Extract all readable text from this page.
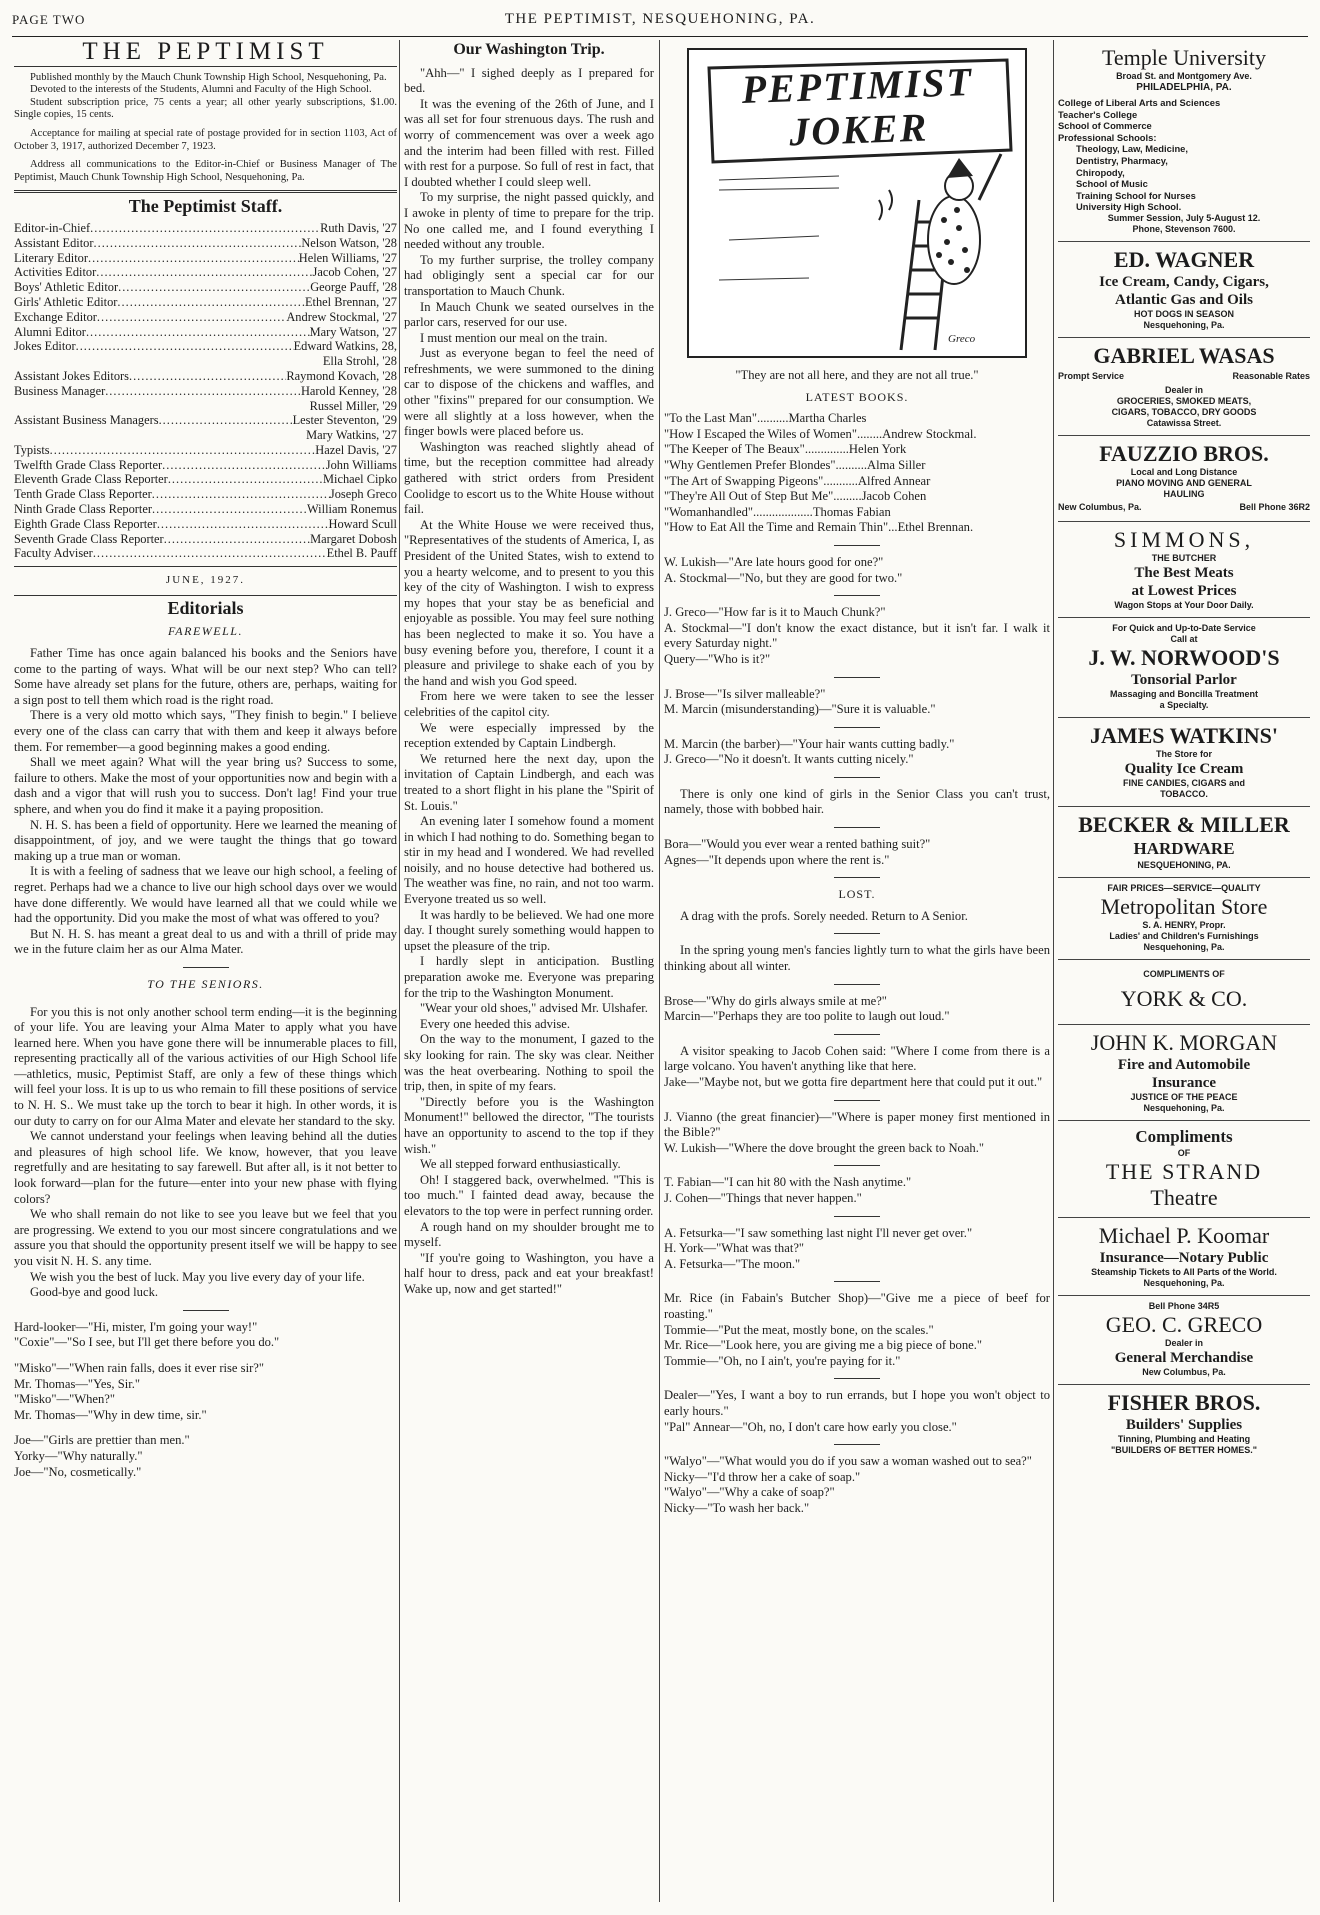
PAGE TWO	THE PEPTIMIST, NESQUEHONING, PA.
THE PEPTIMIST

Published monthly by the Mauch Chunk Township High School, Nesquehoning, Pa.

Devoted to the interests of the Students, Alumni and Faculty of the High School.

Student subscription price, 75 cents a year; all other yearly subscriptions, $1.00. Single copies, 15 cents.

Acceptance for mailing at special rate of postage provided for in section 1103, Act of October 3, 1917, authorized December 7, 1923.

Address all communications to the Editor-in-Chief or Business Manager of The Peptimist, Mauch Chunk Township High School, Nesquehoning, Pa.

The Peptimist Staff.
Editor-in-Chief .....	Ruth Davis, '27
Assistant Editor .....	Nelson Watson, '28
Literary Editor .....	Helen Williams, '27
Activities Editor .....	Jacob Cohen, '27
Boys' Athletic Editor .....	George Pauff, '28
Girls' Athletic Editor .....	Ethel Brennan, '27
Exchange Editor .....	Andrew Stockmal, '27
Alumni Editor .....	Mary Watson, '27
Jokes Editor .....	Edward Watkins, 28,
Ella Strohl, '28
Assistant Jokes Editors .....	Raymond Kovach, '28
Business Manager .....	Harold Kenney, '28
Russel Miller, '29
Assistant Business Managers .....	Lester Steventon, '29
Mary Watkins, '27
Typists .....	Hazel Davis, '27
Twelfth Grade Class Reporter .....	John Williams
Eleventh Grade Class Reporter .....	Michael Cipko
Tenth Grade Class Reporter .....	Joseph Greco
Ninth Grade Class Reporter .....	William Ronemus
Eighth Grade Class Reporter .....	Howard Scull
Seventh Grade Class Reporter .....	Margaret Dobosh
Faculty Adviser .....	Ethel B. Pauff
JUNE, 1927.
Editorials
FAREWELL.

Father Time has once again balanced his books and the Seniors have come to the parting of ways. What will be our next step? Who can tell? Some have already set plans for the future, others are, perhaps, waiting for a sign post to tell them which road is the right road.

There is a very old motto which says, "They finish to begin." I believe every one of the class can carry that with them and keep it always before them. For remember—a good beginning makes a good ending.

Shall we meet again? What will the year bring us? Success to some, failure to others. Make the most of your opportunities now and begin with a dash and a vigor that will rush you to success. Don't lag! Find your true sphere, and when you do find it make it a paying proposition.

N. H. S. has been a field of opportunity. Here we learned the meaning of disappointment, of joy, and we were taught the things that go toward making up a true man or woman.

It is with a feeling of sadness that we leave our high school, a feeling of regret. Perhaps had we a chance to live our high school days over we would have done differently. We would have learned all that we could while we had the opportunity. Did you make the most of what was offered to you?

But N. H. S. has meant a great deal to us and with a thrill of pride may we in the future claim her as our Alma Mater.

TO THE SENIORS.

For you this is not only another school term ending—it is the beginning of your life. You are leaving your Alma Mater to apply what you have learned here. When you have gone there will be innumerable places to fill, representing practically all of the various activities of our High School life—athletics, music, Peptimist Staff, are only a few of these things which will feel your loss. It is up to us who remain to fill these positions of service to N. H. S.. We must take up the torch to bear it high. In other words, it is our duty to carry on for our Alma Mater and elevate her standard to the sky.

We cannot understand your feelings when leaving behind all the duties and pleasures of high school life. We know, however, that you leave regretfully and are hesitating to say farewell. But after all, is it not better to look forward—plan for the future—enter into your new phase with flying colors?

We who shall remain do not like to see you leave but we feel that you are progressing. We extend to you our most sincere congratulations and we assure you that should the opportunity present itself we will be happy to see you visit N. H. S. any time.

We wish you the best of luck. May you live every day of your life.

Good-bye and good luck.

Hard-looker—"Hi, mister, I'm going your way!"

"Coxie"—"So I see, but I'll get there before you do."

"Misko"—"When rain falls, does it ever rise sir?"

Mr. Thomas—"Yes, Sir."

"Misko"—"When?"

Mr. Thomas—"Why in dew time, sir."

Joe—"Girls are prettier than men."

Yorky—"Why naturally."

Joe—"No, cosmetically."

Our Washington Trip.

"Ahh—" I sighed deeply as I prepared for bed.

It was the evening of the 26th of June, and I was all set for four strenuous days. The rush and worry of commencement was over a week ago and the interim had been filled with rest. Filled with rest for a purpose. So full of rest in fact, that I doubted whether I could sleep well.

To my surprise, the night passed quickly, and I awoke in plenty of time to prepare for the trip. No one called me, and I found everything I needed without any trouble.

To my further surprise, the trolley company had obligingly sent a special car for our transportation to Mauch Chunk.

In Mauch Chunk we seated ourselves in the parlor cars, reserved for our use.

I must mention our meal on the train.

Just as everyone began to feel the need of refreshments, we were summoned to the dining car to dispose of the chickens and waffles, and other "fixins'" prepared for our consumption. We were all slightly at a loss however, when the finger bowls were placed before us.

Washington was reached slightly ahead of time, but the reception committee had already gathered with strict orders from President Coolidge to escort us to the White House without fail.

At the White House we were received thus, "Representatives of the students of America, I, as President of the United States, wish to extend to you a hearty welcome, and to present to you this key of the city of Washington. I wish to express my hopes that your stay be as beneficial and enjoyable as possible. You may feel sure nothing has been neglected to make it so. You have a busy evening before you, therefore, I count it a pleasure and privilege to shake each of you by the hand and wish you God speed.

From here we were taken to see the lesser celebrities of the capitol city.

We were especially impressed by the reception extended by Captain Lindbergh.

We returned here the next day, upon the invitation of Captain Lindbergh, and each was treated to a short flight in his plane the "Spirit of St. Louis."

An evening later I somehow found a moment in which I had nothing to do. Something began to stir in my head and I wondered. We had revelled noisily, and no house detective had bothered us. The weather was fine, no rain, and not too warm. Everyone treated us so well.

It was hardly to be believed. We had one more day. I thought surely something would happen to upset the pleasure of the trip.

I hardly slept in anticipation. Bustling preparation awoke me. Everyone was preparing for the trip to the Washington Monument.

"Wear your old shoes," advised Mr. Ulshafer.

Every one heeded this advise.

On the way to the monument, I gazed to the sky looking for rain. The sky was clear. Neither was the heat overbearing. Nothing to spoil the trip, then, in spite of my fears.

"Directly before you is the Washington Monument!" bellowed the director, "The tourists have an opportunity to ascend to the top if they wish."

We all stepped forward enthusiastically.

Oh! I staggered back, overwhelmed. "This is too much." I fainted dead away, because the elevators to the top were in perfect running order.

A rough hand on my shoulder brought me to myself.

"If you're going to Washington, you have a half hour to dress, pack and eat your breakfast! Wake up, now and get started!"

PEPTIMIST JOKER
Greco

"They are not all here, and they are not all true."

LATEST BOOKS.

"To the Last Man"..........Martha Charles

"How I Escaped the Wiles of Women"........Andrew Stockmal.

"The Keeper of The Beaux"..............Helen York

"Why Gentlemen Prefer Blondes"..........Alma Siller

"The Art of Swapping Pigeons"...........Alfred Annear

"They're All Out of Step But Me".........Jacob Cohen

"Womanhandled"...................Thomas Fabian

"How to Eat All the Time and Remain Thin"...Ethel Brennan.

W. Lukish—"Are late hours good for one?"

A. Stockmal—"No, but they are good for two."

J. Greco—"How far is it to Mauch Chunk?"

A. Stockmal—"I don't know the exact distance, but it isn't far. I walk it every Saturday night."

Query—"Who is it?"

J. Brose—"Is silver malleable?"

M. Marcin (misunderstanding)—"Sure it is valuable."

M. Marcin (the barber)—"Your hair wants cutting badly."

J. Greco—"No it doesn't. It wants cutting nicely."

There is only one kind of girls in the Senior Class you can't trust, namely, those with bobbed hair.

Bora—"Would you ever wear a rented bathing suit?"

Agnes—"It depends upon where the rent is."

LOST.

A drag with the profs. Sorely needed. Return to A Senior.

In the spring young men's fancies lightly turn to what the girls have been thinking about all winter.

Brose—"Why do girls always smile at me?"

Marcin—"Perhaps they are too polite to laugh out loud."

A visitor speaking to Jacob Cohen said: "Where I come from there is a large volcano. You haven't anything like that here.

Jake—"Maybe not, but we gotta fire department here that could put it out."

J. Vianno (the great financier)—"Where is paper money first mentioned in the Bible?"

W. Lukish—"Where the dove brought the green back to Noah."

T. Fabian—"I can hit 80 with the Nash anytime."

J. Cohen—"Things that never happen."

A. Fetsurka—"I saw something last night I'll never get over."

H. York—"What was that?"

A. Fetsurka—"The moon."

Mr. Rice (in Fabain's Butcher Shop)—"Give me a piece of beef for roasting."

Tommie—"Put the meat, mostly bone, on the scales."

Mr. Rice—"Look here, you are giving me a big piece of bone."

Tommie—"Oh, no I ain't, you're paying for it."

Dealer—"Yes, I want a boy to run errands, but I hope you won't object to early hours."

"Pal" Annear—"Oh, no, I don't care how early you close."

"Walyo"—"What would you do if you saw a woman washed out to sea?"

Nicky—"I'd throw her a cake of soap."

"Walyo"—"Why a cake of soap?"

Nicky—"To wash her back."

Temple University
Broad St. and Montgomery Ave.
PHILADELPHIA, PA.
College of Liberal Arts and Sciences
Teacher's College
School of Commerce
Professional Schools:
Theology, Law, Medicine,
Dentistry, Pharmacy,
Chiropody,
School of Music
Training School for Nurses
University High School.
Summer Session, July 5-August 12.
Phone, Stevenson 7600.
ED. WAGNER
Ice Cream, Candy, Cigars,
Atlantic Gas and Oils
HOT DOGS IN SEASON
Nesquehoning, Pa.
GABRIEL WASAS
Prompt Service	Reasonable Rates
Dealer in
GROCERIES, SMOKED MEATS,
CIGARS, TOBACCO, DRY GOODS
Catawissa Street.
FAUZZIO BROS.
Local and Long Distance
PIANO MOVING AND GENERAL
HAULING
New Columbus, Pa.	Bell Phone 36R2
SIMMONS,
THE BUTCHER
The Best Meats
at Lowest Prices
Wagon Stops at Your Door Daily.
For Quick and Up-to-Date Service
Call at
J. W. NORWOOD'S
Tonsorial Parlor
Massaging and Boncilla Treatment
a Specialty.
JAMES WATKINS'
The Store for
Quality Ice Cream
FINE CANDIES, CIGARS and
TOBACCO.
BECKER & MILLER
HARDWARE
NESQUEHONING, PA.
FAIR PRICES—SERVICE—QUALITY
Metropolitan Store
S. A. HENRY, Propr.
Ladies' and Children's Furnishings
Nesquehoning, Pa.
COMPLIMENTS OF
YORK & CO.
JOHN K. MORGAN
Fire and Automobile
Insurance
JUSTICE OF THE PEACE
Nesquehoning, Pa.
Compliments
OF
THE STRAND
Theatre
Michael P. Koomar
Insurance—Notary Public
Steamship Tickets to All Parts of the World.
Nesquehoning, Pa.
Bell Phone 34R5
GEO. C. GRECO
Dealer in
General Merchandise
New Columbus, Pa.
FISHER BROS.
Builders' Supplies
Tinning, Plumbing and Heating
"BUILDERS OF BETTER HOMES."
